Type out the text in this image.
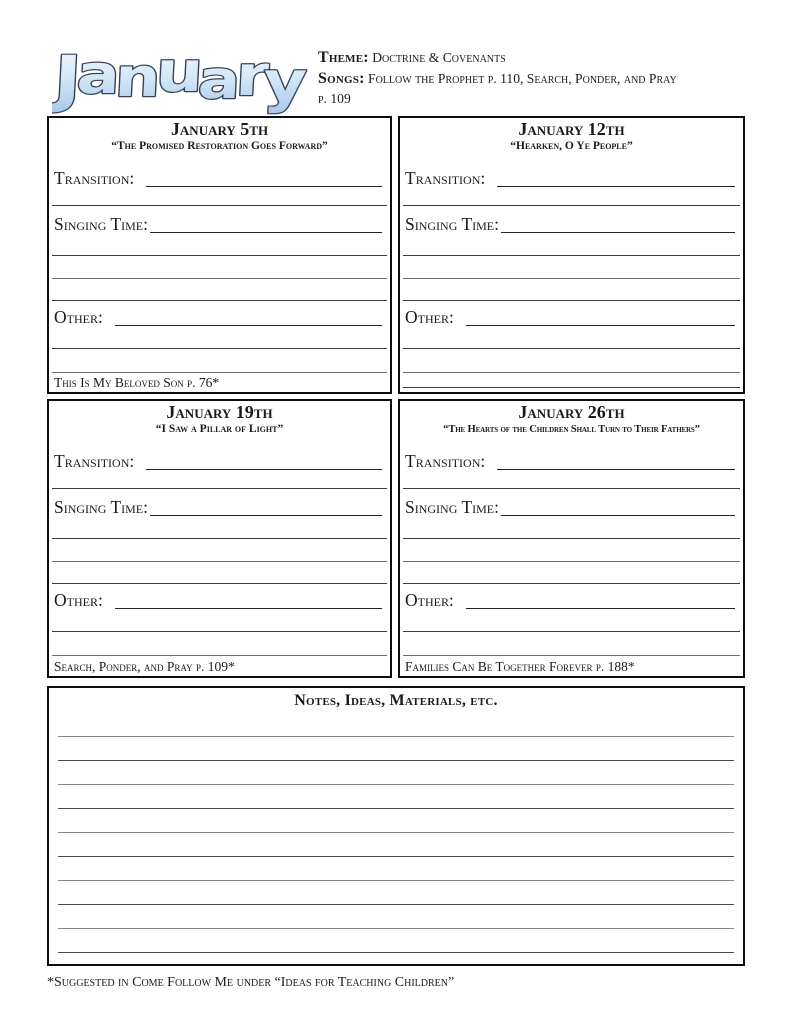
January	Theme: Doctrine & Covenants

Songs: Follow the Prophet p. 110, Search, Ponder, and Pray

p. 109

January 5th
“The Promised Restoration Goes Forward”
Transition:
Singing Time:
Other:
This Is My Beloved Son p. 76*
January 12th
“Hearken, O Ye People”
Transition:
Singing Time:
Other:
January 19th
“I Saw a Pillar of Light”
Transition:
Singing Time:
Other:
Search, Ponder, and Pray p. 109*
January 26th
“The Hearts of the Children Shall Turn to Their Fathers”
Transition:
Singing Time:
Other:
Families Can Be Together Forever p. 188*
Notes, Ideas, Materials, etc.
*Suggested in Come Follow Me under “Ideas for Teaching Children”
